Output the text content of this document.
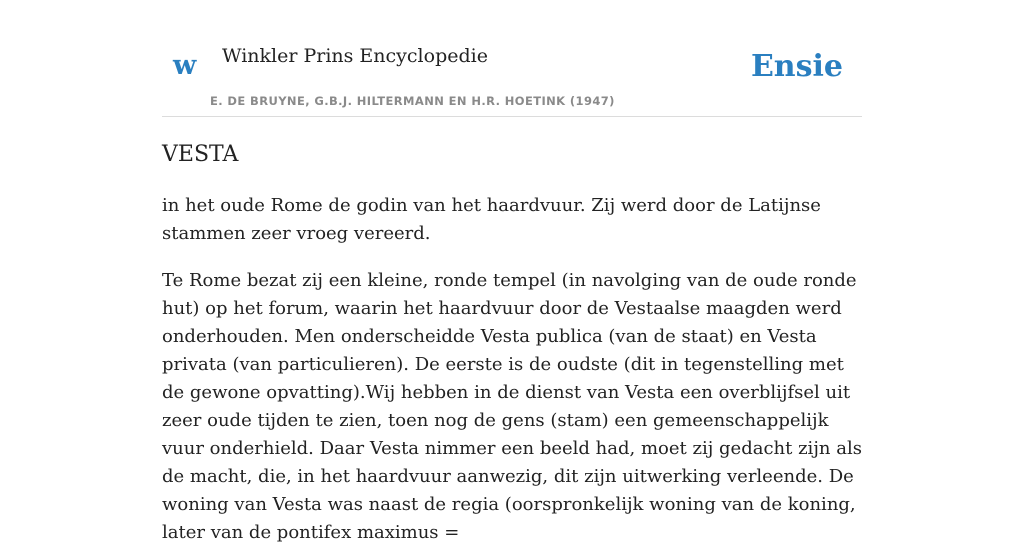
w Winkler Prins Encyclopedie
E. DE BRUYNE, G.B.J. HILTERMANN EN H.R. HOETINK (1947)
Ensie
VESTA

in het oude Rome de godin van het haardvuur. Zij werd door de Latijnse stammen zeer vroeg vereerd.

Te Rome bezat zij een kleine, ronde tempel (in navolging van de oude ronde hut) op het forum, waarin het haardvuur door de Vestaalse maagden werd onderhouden. Men onderscheidde Vesta publica (van de staat) en Vesta privata (van particulieren). De eerste is de oudste (dit in tegenstelling met de gewone opvatting).Wij hebben in de dienst van Vesta een overblijfsel uit zeer oude tijden te zien, toen nog de gens (stam) een gemeenschappelijk vuur onderhield. Daar Vesta nimmer een beeld had, moet zij gedacht zijn als de macht, die, in het haardvuur aanwezig, dit zijn uitwerking verleende. De woning van Vesta was naast de regia (oorspronkelijk woning van de koning, later van de pontifex maximus =
